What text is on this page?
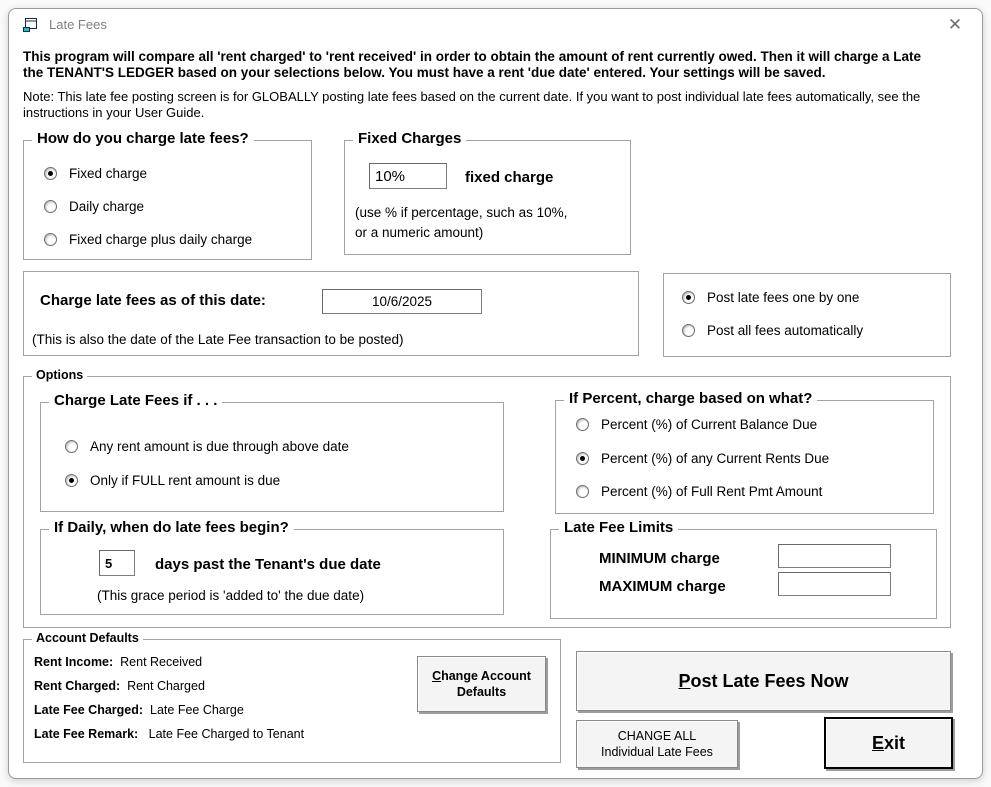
Late Fees	✕
This program will compare all 'rent charged' to 'rent received' in order to obtain the amount of rent currently owed. Then it will charge a Late
the TENANT'S LEDGER based on your selections below. You must have a rent 'due date' entered. Your settings will be saved.
Note: This late fee posting screen is for GLOBALLY posting late fees based on the current date. If you want to post individual late fees automatically, see the
instructions in your User Guide.
How do you charge late fees?
Fixed charge
Daily charge
Fixed charge plus daily charge
Fixed Charges
10%
fixed charge
(use % if percentage, such as 10%,
or a numeric amount)
Charge late fees as of this date:
10/6/2025
(This is also the date of the Late Fee transaction to be posted)
Post late fees one by one
Post all fees automatically
Options
Charge Late Fees if . . .
Any rent amount is due through above date
Only if FULL rent amount is due
If Percent, charge based on what?
Percent (%) of Current Balance Due
Percent (%) of any Current Rents Due
Percent (%) of Full Rent Pmt Amount
If Daily, when do late fees begin?
5
days past the Tenant's due date
(This grace period is 'added to' the due date)
Late Fee Limits
MINIMUM charge
MAXIMUM charge
Account Defaults
Rent Income: Rent Received
Rent Charged: Rent Charged
Late Fee Charged: Late Fee Charge
Late Fee Remark: Late Fee Charged to Tenant
Change Account
Defaults
Post Late Fees Now
CHANGE ALL
Individual Late Fees	Exit
